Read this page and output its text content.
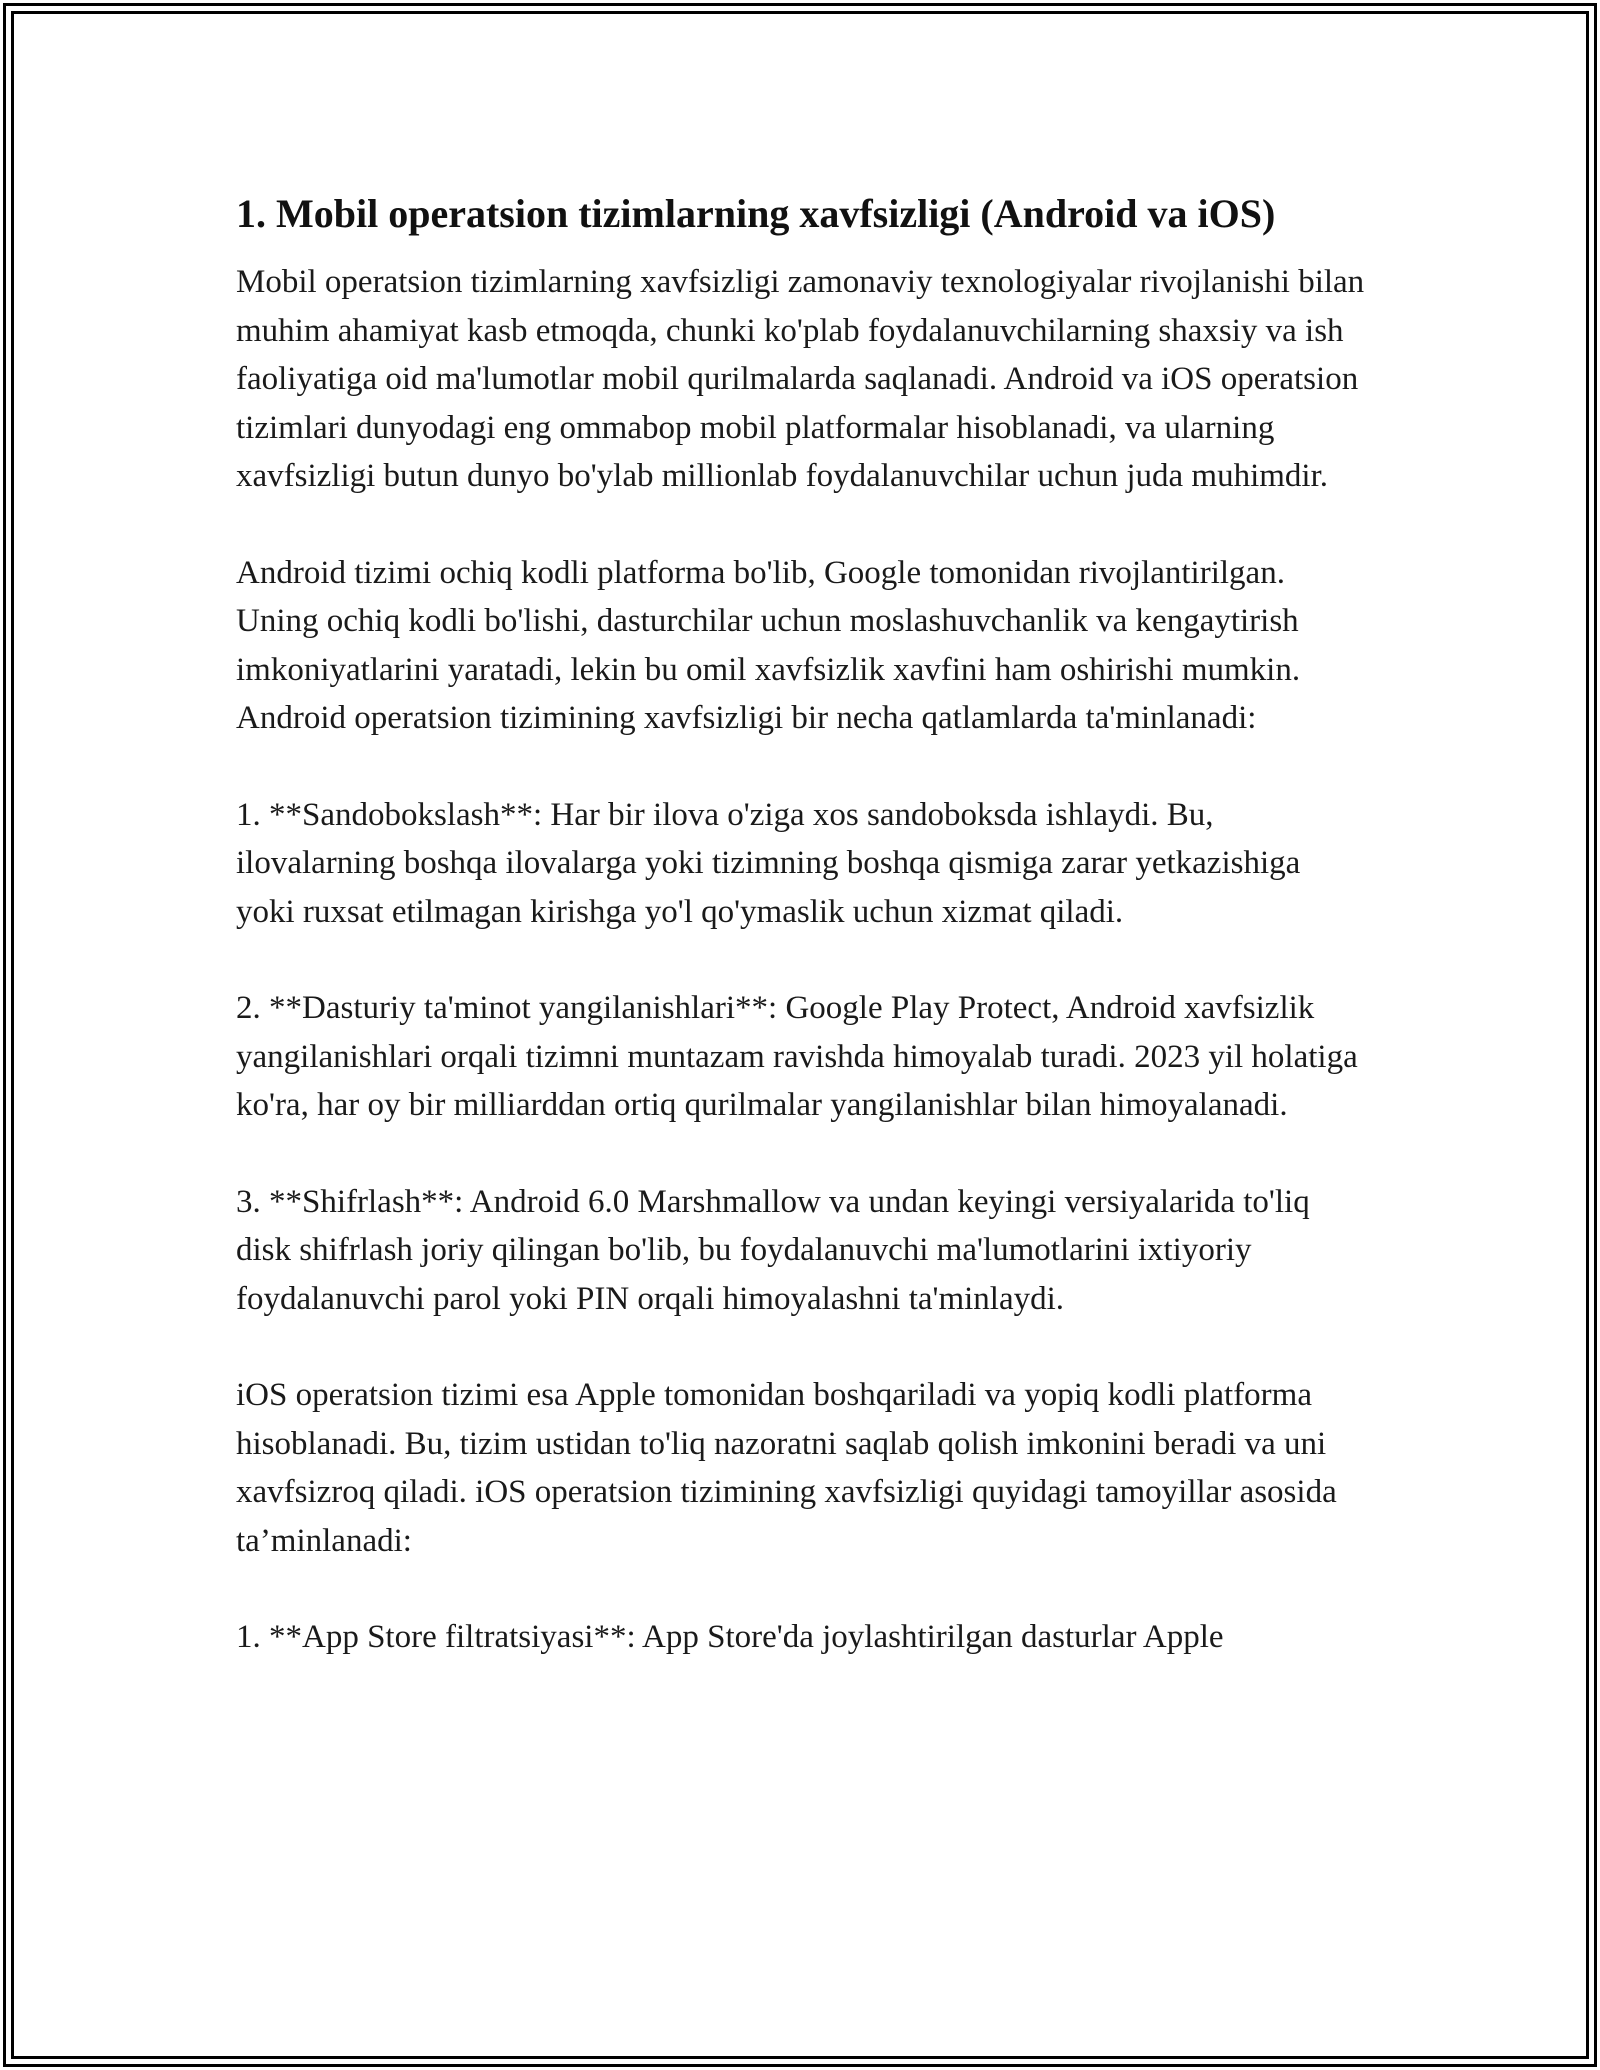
1. Mobil operatsion tizimlarning xavfsizligi (Android va iOS)

Mobil operatsion tizimlarning xavfsizligi zamonaviy texnologiyalar rivojlanishi bilan muhim ahamiyat kasb etmoqda, chunki ko'plab foydalanuvchilarning shaxsiy va ish faoliyatiga oid ma'lumotlar mobil qurilmalarda saqlanadi. Android va iOS operatsion tizimlari dunyodagi eng ommabop mobil platformalar hisoblanadi, va ularning xavfsizligi butun dunyo bo'ylab millionlab foydalanuvchilar uchun juda muhimdir.

Android tizimi ochiq kodli platforma bo'lib, Google tomonidan rivojlantirilgan. Uning ochiq kodli bo'lishi, dasturchilar uchun moslashuvchanlik va kengaytirish imkoniyatlarini yaratadi, lekin bu omil xavfsizlik xavfini ham oshirishi mumkin. Android operatsion tizimining xavfsizligi bir necha qatlamlarda ta'minlanadi:

1. **Sandobokslash**: Har bir ilova o'ziga xos sandoboksda ishlaydi. Bu, ilovalarning boshqa ilovalarga yoki tizimning boshqa qismiga zarar yetkazishiga yoki ruxsat etilmagan kirishga yo'l qo'ymaslik uchun xizmat qiladi.

2. **Dasturiy ta'minot yangilanishlari**: Google Play Protect, Android xavfsizlik yangilanishlari orqali tizimni muntazam ravishda himoyalab turadi. 2023 yil holatiga ko'ra, har oy bir milliarddan ortiq qurilmalar yangilanishlar bilan himoyalanadi.

3. **Shifrlash**: Android 6.0 Marshmallow va undan keyingi versiyalarida to'liq disk shifrlash joriy qilingan bo'lib, bu foydalanuvchi ma'lumotlarini ixtiyoriy foydalanuvchi parol yoki PIN orqali himoyalashni ta'minlaydi.

iOS operatsion tizimi esa Apple tomonidan boshqariladi va yopiq kodli platforma hisoblanadi. Bu, tizim ustidan to'liq nazoratni saqlab qolish imkonini beradi va uni xavfsizroq qiladi. iOS operatsion tizimining xavfsizligi quyidagi tamoyillar asosida ta’minlanadi:

1. **App Store filtratsiyasi**: App Store'da joylashtirilgan dasturlar Apple
